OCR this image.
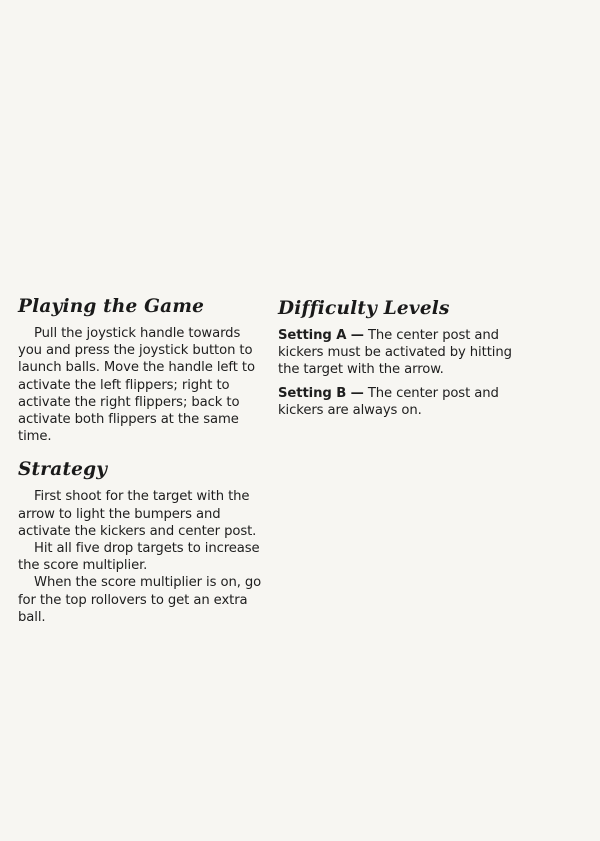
Playing the Game

Pull the joystick handle towards you and press the joystick button to launch balls. Move the handle left to activate the left flippers; right to activate the right flippers; back to activate both flippers at the same time.

Strategy

First shoot for the target with the arrow to light the bumpers and activate the kickers and center post.

Hit all five drop targets to increase the score multiplier.

When the score multiplier is on, go for the top rollovers to get an extra ball.

Difficulty Levels

Setting A — The center post and kickers must be activated by hitting the target with the arrow.

Setting B — The center post and kickers are always on.
